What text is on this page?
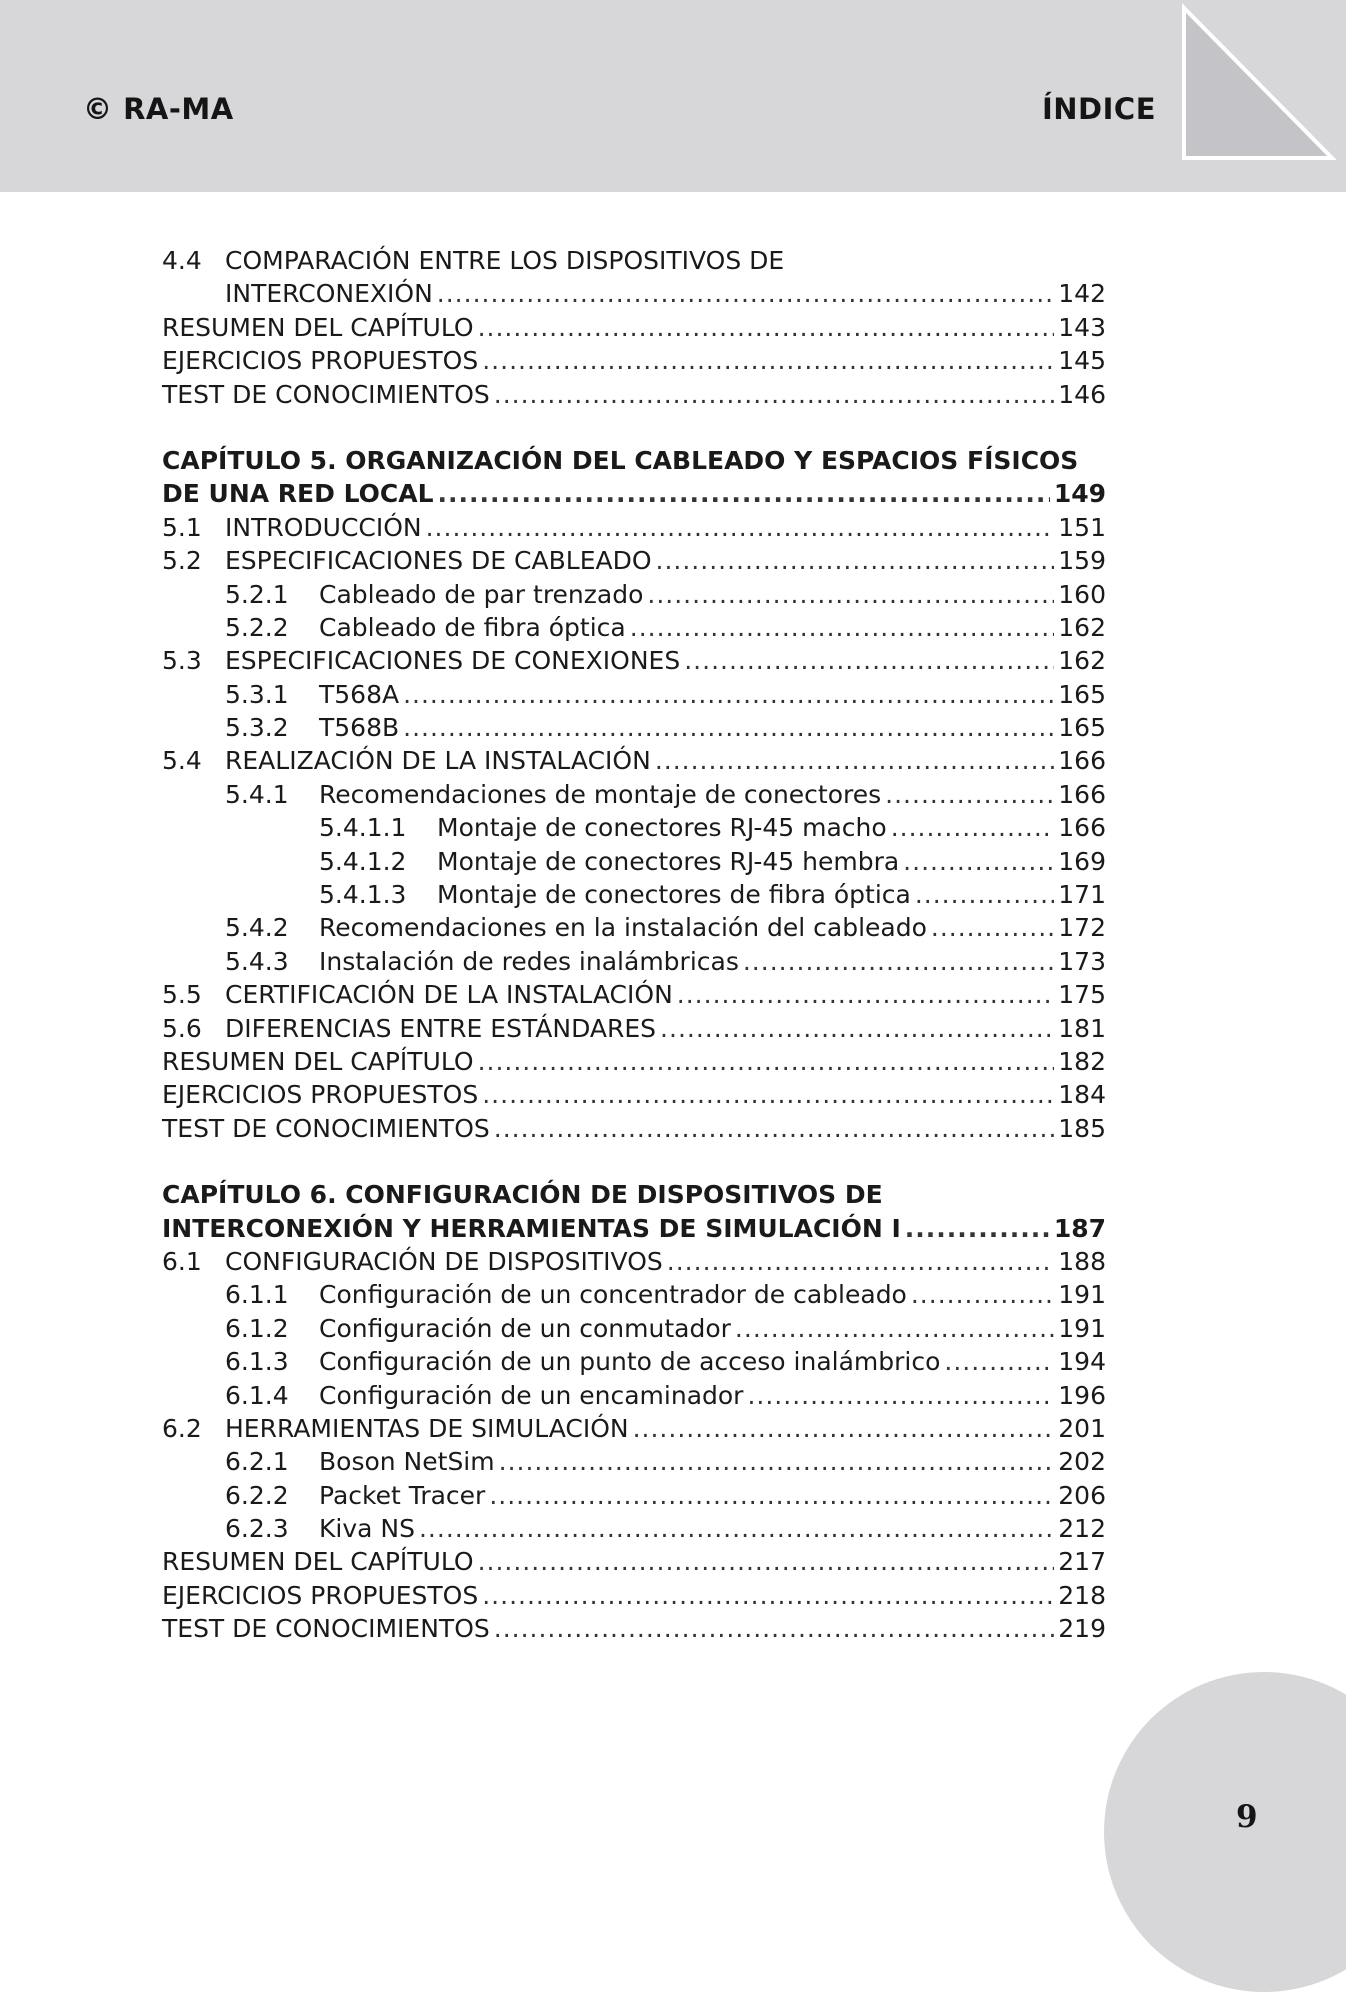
© RA-MA	ÍNDICE
4.4 COMPARACIÓN ENTRE LOS DISPOSITIVOS DE
INTERCONEXIÓN .....	142
RESUMEN DEL CAPÍTULO .....	143
EJERCICIOS PROPUESTOS .....	145
TEST DE CONOCIMIENTOS .....	146
CAPÍTULO 5. ORGANIZACIÓN DEL CABLEADO Y ESPACIOS FÍSICOS
DE UNA RED LOCAL .....	149
5.1 INTRODUCCIÓN .....	151
5.2 ESPECIFICACIONES DE CABLEADO .....	159
5.2.1 Cableado de par trenzado .....	160
5.2.2 Cableado de fibra óptica .....	162
5.3 ESPECIFICACIONES DE CONEXIONES .....	162
5.3.1 T568A .....	165
5.3.2 T568B .....	165
5.4 REALIZACIÓN DE LA INSTALACIÓN .....	166
5.4.1 Recomendaciones de montaje de conectores .....	166
5.4.1.1 Montaje de conectores RJ-45 macho .....	166
5.4.1.2 Montaje de conectores RJ-45 hembra .....	169
5.4.1.3 Montaje de conectores de fibra óptica .....	171
5.4.2 Recomendaciones en la instalación del cableado .....	172
5.4.3 Instalación de redes inalámbricas .....	173
5.5 CERTIFICACIÓN DE LA INSTALACIÓN .....	175
5.6 DIFERENCIAS ENTRE ESTÁNDARES .....	181
RESUMEN DEL CAPÍTULO .....	182
EJERCICIOS PROPUESTOS .....	184
TEST DE CONOCIMIENTOS .....	185
CAPÍTULO 6. CONFIGURACIÓN DE DISPOSITIVOS DE
INTERCONEXIÓN Y HERRAMIENTAS DE SIMULACIÓN I .....	187
6.1 CONFIGURACIÓN DE DISPOSITIVOS .....	188
6.1.1 Configuración de un concentrador de cableado .....	191
6.1.2 Configuración de un conmutador .....	191
6.1.3 Configuración de un punto de acceso inalámbrico .....	194
6.1.4 Configuración de un encaminador .....	196
6.2 HERRAMIENTAS DE SIMULACIÓN .....	201
6.2.1 Boson NetSim .....	202
6.2.2 Packet Tracer .....	206
6.2.3 Kiva NS .....	212
RESUMEN DEL CAPÍTULO .....	217
EJERCICIOS PROPUESTOS .....	218
TEST DE CONOCIMIENTOS .....	219
9
